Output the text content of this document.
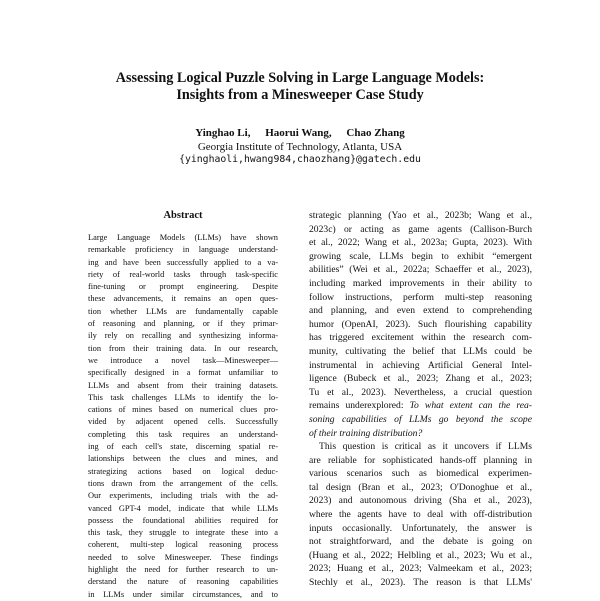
Assessing Logical Puzzle Solving in Large Language Models:
Insights from a Minesweeper Case Study
Yinghao Li, Haorui Wang, Chao Zhang
Georgia Institute of Technology, Atlanta, USA
{yinghaoli,hwang984,chaozhang}@gatech.edu
Abstract
Large Language Models (LLMs) have shown
remarkable proficiency in language understand-
ing and have been successfully applied to a va-
riety of real-world tasks through task-specific
fine-tuning or prompt engineering. Despite
these advancements, it remains an open ques-
tion whether LLMs are fundamentally capable
of reasoning and planning, or if they primar-
ily rely on recalling and synthesizing informa-
tion from their training data. In our research,
we introduce a novel task—Minesweeper—
specifically designed in a format unfamiliar to
LLMs and absent from their training datasets.
This task challenges LLMs to identify the lo-
cations of mines based on numerical clues pro-
vided by adjacent opened cells. Successfully
completing this task requires an understand-
ing of each cell's state, discerning spatial re-
lationships between the clues and mines, and
strategizing actions based on logical deduc-
tions drawn from the arrangement of the cells.
Our experiments, including trials with the ad-
vanced GPT-4 model, indicate that while LLMs
possess the foundational abilities required for
this task, they struggle to integrate these into a
coherent, multi-step logical reasoning process
needed to solve Minesweeper. These findings
highlight the need for further research to un-
derstand the nature of reasoning capabilities
in LLMs under similar circumstances, and to
strategic planning (Yao et al., 2023b; Wang et al.,
2023c) or acting as game agents (Callison-Burch
et al., 2022; Wang et al., 2023a; Gupta, 2023). With
growing scale, LLMs begin to exhibit “emergent
abilities” (Wei et al., 2022a; Schaeffer et al., 2023),
including marked improvements in their ability to
follow instructions, perform multi-step reasoning
and planning, and even extend to comprehending
humor (OpenAI, 2023). Such flourishing capability
has triggered excitement within the research com-
munity, cultivating the belief that LLMs could be
instrumental in achieving Artificial General Intel-
ligence (Bubeck et al., 2023; Zhang et al., 2023;
Tu et al., 2023). Nevertheless, a crucial question
remains underexplored: To what extent can the rea-
soning capabilities of LLMs go beyond the scope
of their training distribution?
This question is critical as it uncovers if LLMs
are reliable for sophisticated hands-off planning in
various scenarios such as biomedical experimen-
tal design (Bran et al., 2023; O'Donoghue et al.,
2023) and autonomous driving (Sha et al., 2023),
where the agents have to deal with off-distribution
inputs occasionally. Unfortunately, the answer is
not straightforward, and the debate is going on
(Huang et al., 2022; Helbling et al., 2023; Wu et al.,
2023; Huang et al., 2023; Valmeekam et al., 2023;
Stechly et al., 2023). The reason is that LLMs'
